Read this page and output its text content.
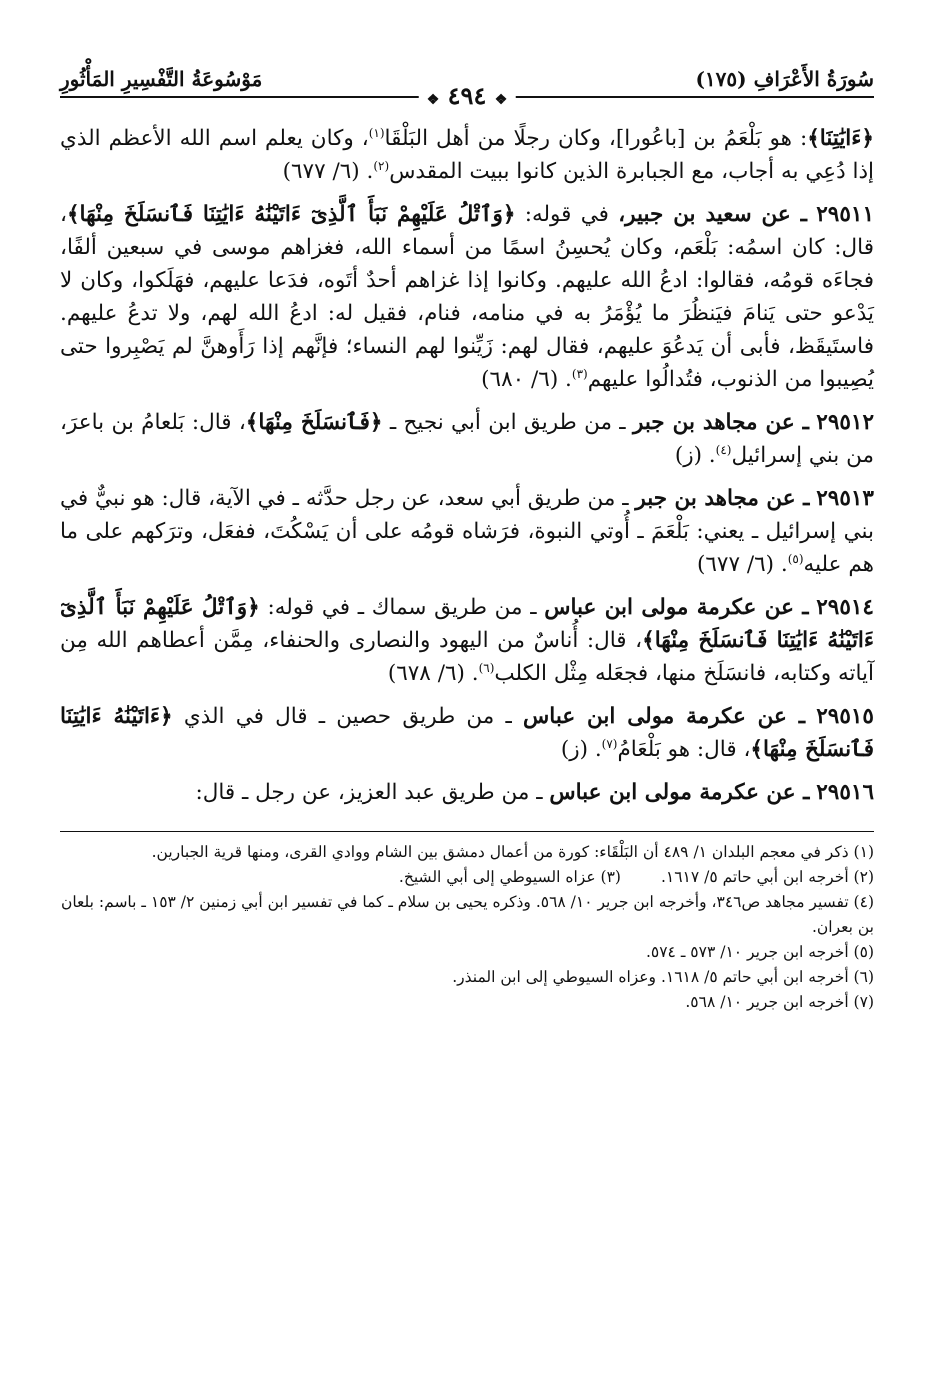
سُورَةُ الأَعْرَافِ (١٧٥)
❖ ٤٩٤ ❖
مَوْسُوعَةُ التَّفْسِيرِ المَأْثُورِ

﴿ءَايَٰتِنَا﴾: هو بَلْعَمُ بن [باعُورا]، وكان رجلًا من أهل البَلْقَا$^{(١)}$، وكان يعلم اسم الله الأعظم الذي إذا دُعِي به أجاب، مع الجبابرة الذين كانوا ببيت المقدس$^{(٢)}$. (٦/ ٦٧٧)

٢٩٥١١ ـ عن سعيد بن جبير، في قوله: ﴿وَٱتْلُ عَلَيْهِمْ نَبَأَ ٱلَّذِىٓ ءَاتَيْنَٰهُ ءَايَٰتِنَا فَٱنسَلَخَ مِنْهَا﴾، قال: كان اسمُه: بَلْعَم، وكان يُحسِنُ اسمًا من أسماء الله، فغزاهم موسى في سبعين ألفًا، فجاءَه قومُه، فقالوا: ادعُ الله عليهم. وكانوا إذا غزاهم أحدٌ أتَوه، فدَعا عليهم، فهَلَكوا، وكان لا يَدْعو حتى يَنامَ فيَنظُرَ ما يُؤْمَرُ به في منامه، فنام، فقيل له: ادعُ الله لهم، ولا تدعُ عليهم. فاستَيقَظ، فأبى أن يَدعُوَ عليهم، فقال لهم: زَيِّنوا لهم النساء؛ فإنَّهم إذا رَأَوهنَّ لم يَصْبِروا حتى يُصِيبوا من الذنوب، فتُدالُوا عليهم$^{(٣)}$. (٦/ ٦٨٠)

٢٩٥١٢ ـ عن مجاهد بن جبر ـ من طريق ابن أبي نجيح ـ ﴿فَٱنسَلَخَ مِنْهَا﴾، قال: بَلعامُ بن باعرَ، من بني إسرائيل$^{(٤)}$. (ز)

٢٩٥١٣ ـ عن مجاهد بن جبر ـ من طريق أبي سعد، عن رجل حدَّثه ـ في الآية، قال: هو نبيٌّ في بني إسرائيل ـ يعني: بَلْعَمَ ـ أُوتي النبوة، فرَشاه قومُه على أن يَسْكُتَ، ففعَل، وترَكهم على ما هم عليه$^{(٥)}$. (٦/ ٦٧٧)

٢٩٥١٤ ـ عن عكرمة مولى ابن عباس ـ من طريق سماك ـ في قوله: ﴿وَٱتْلُ عَلَيْهِمْ نَبَأَ ٱلَّذِىٓ ءَاتَيْنَٰهُ ءَايَٰتِنَا فَٱنسَلَخَ مِنْهَا﴾، قال: أُناسٌ من اليهود والنصارى والحنفاء، مِمَّن أعطاهم الله مِن آياته وكتابه، فانسَلَخ منها، فجعَله مِثْل الكلب$^{(٦)}$. (٦/ ٦٧٨)

٢٩٥١٥ ـ عن عكرمة مولى ابن عباس ـ من طريق حصين ـ قال في الذي ﴿ءَاتَيْنَٰهُ ءَايَٰتِنَا فَٱنسَلَخَ مِنْهَا﴾، قال: هو بَلْعَامُ$^{(٧)}$. (ز)

٢٩٥١٦ ـ عن عكرمة مولى ابن عباس ـ من طريق عبد العزيز، عن رجل ـ قال:

(١) ذكر في معجم البلدان ١/ ٤٨٩ أن البَلْقَاء: كورة من أعمال دمشق بين الشام ووادي القرى، ومنها قرية الجبارين.

(٢) أخرجه ابن أبي حاتم ٥/ ١٦١٧.
(٣) عزاه السيوطي إلى أبي الشيخ.

(٤) تفسير مجاهد ص٣٤٦، وأخرجه ابن جرير ١٠/ ٥٦٨. وذكره يحيى بن سلام ـ كما في تفسير ابن أبي زمنين ٢/ ١٥٣ ـ باسم: بلعان بن بعران.

(٥) أخرجه ابن جرير ١٠/ ٥٧٣ ـ ٥٧٤.

(٦) أخرجه ابن أبي حاتم ٥/ ١٦١٨. وعزاه السيوطي إلى ابن المنذر.

(٧) أخرجه ابن جرير ١٠/ ٥٦٨.
